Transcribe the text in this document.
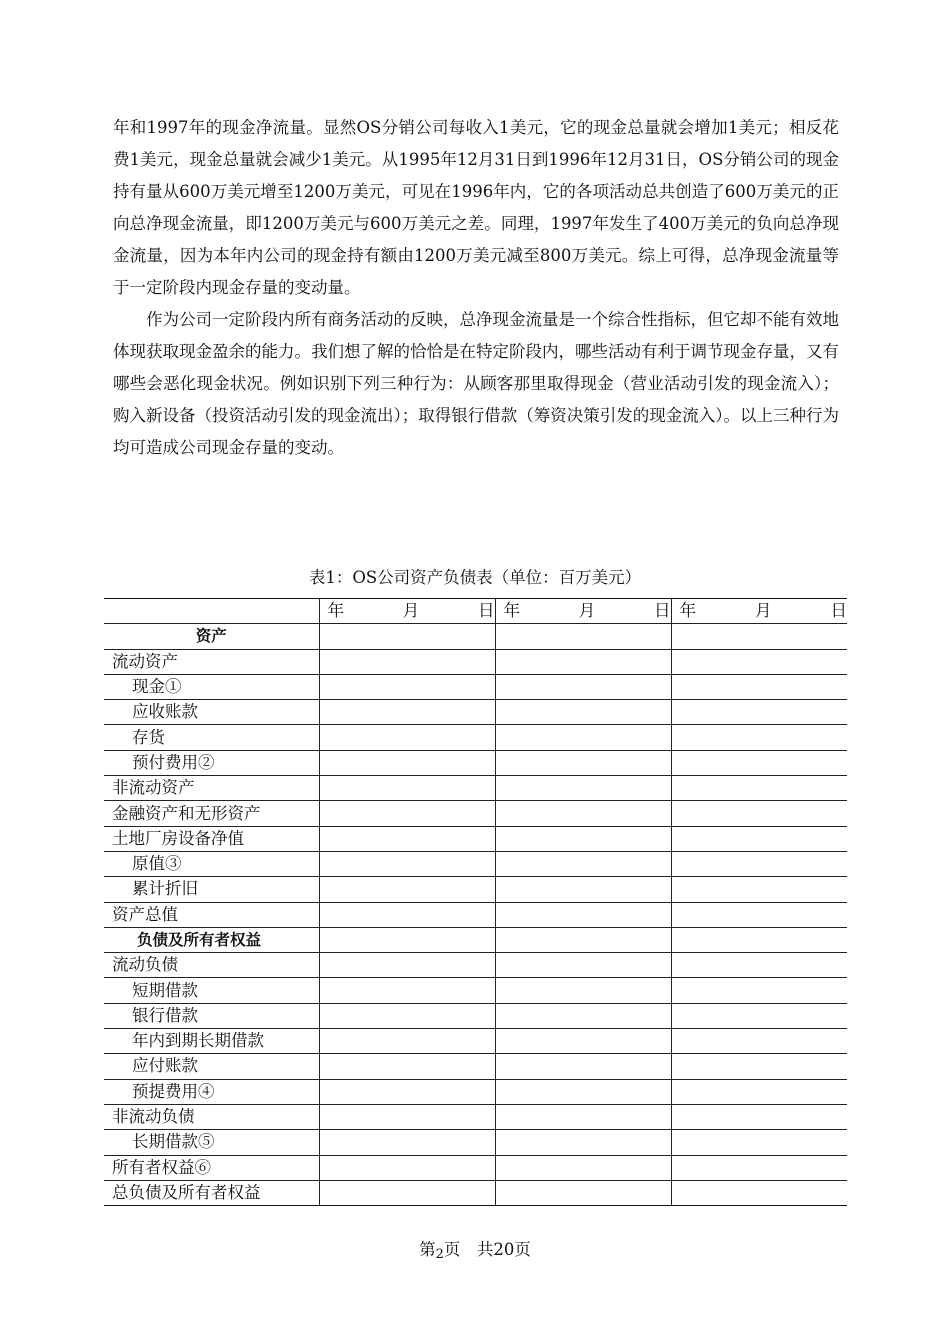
年和1997年的现金净流量。显然OS分销公司每收入1美元，它的现金总量就会增加1美元；相反花费1美元，现金总量就会减少1美元。从1995年12月31日到1996年12月31日，OS分销公司的现金持有量从600万美元增至1200万美元，可见在1996年内，它的各项活动总共创造了600万美元的正向总净现金流量，即1200万美元与600万美元之差。同理，1997年发生了400万美元的负向总净现金流量，因为本年内公司的现金持有额由1200万美元减至800万美元。综上可得，总净现金流量等于一定阶段内现金存量的变动量。

作为公司一定阶段内所有商务活动的反映，总净现金流量是一个综合性指标，但它却不能有效地体现获取现金盈余的能力。我们想了解的恰恰是在特定阶段内，哪些活动有利于调节现金存量，又有哪些会恶化现金状况。例如识别下列三种行为：从顾客那里取得现金（营业活动引发的现金流入）；购入新设备（投资活动引发的现金流出）；取得银行借款（筹资决策引发的现金流入）。以上三种行为均可造成公司现金存量的变动。

表1：OS公司资产负债表（单位：百万美元）

	年 月 日	年 月 日	年 月 日

资产			
流动资产			
现金①			
应收账款			
存货			
预付费用②			
非流动资产			
金融资产和无形资产			
土地厂房设备净值			
原值③			
累计折旧			
资产总值			
负债及所有者权益			
流动负债			
短期借款			
银行借款			
年内到期长期借款			
应付账款			
预提费用④			
非流动负债			
长期借款⑤			
所有者权益⑥			
总负债及所有者权益			
第2页　共20页
